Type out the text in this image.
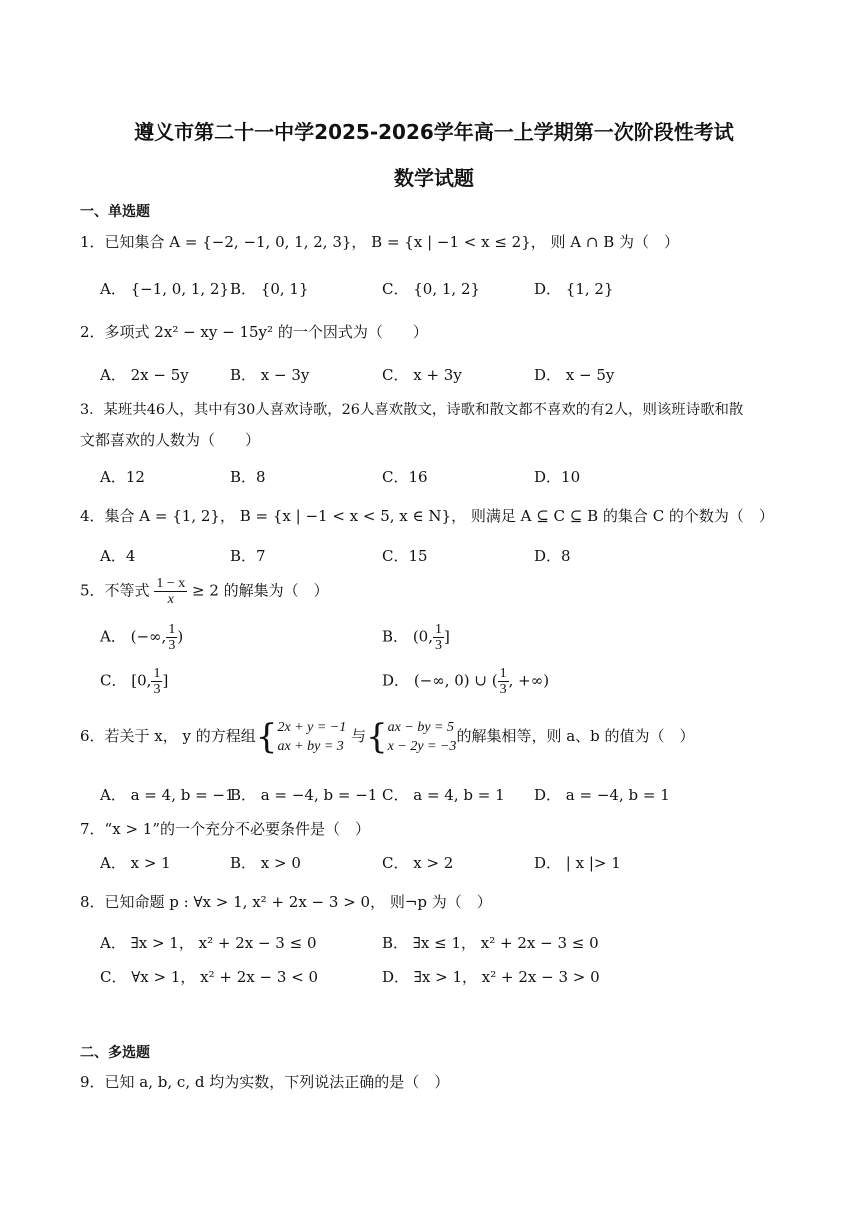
遵义市第二十一中学2025-2026学年高一上学期第一次阶段性考试
数学试题
一、单选题
1．已知集合 A = {−2, −1, 0, 1, 2, 3}， B = {x | −1 < x ≤ 2}， 则 A ∩ B 为（　）
A． {−1, 0, 1, 2} B． {0, 1}	C． {0, 1, 2}	D． {1, 2}
2．多项式 2x² − xy − 15y² 的一个因式为（　　）
A． 2x − 5y	B． x − 3y	C． x + 3y	D． x − 5y
3．某班共46人，其中有30人喜欢诗歌，26人喜欢散文，诗歌和散文都不喜欢的有2人，则该班诗歌和散
文都喜欢的人数为（　　）
A．12	B．8	C．16	D．10
4．集合 A = {1, 2}， B = {x | −1 < x < 5, x ∈ N}， 则满足 A ⊆ C ⊆ B 的集合 C 的个数为（　）
A．4	B．7	C．15	D．8
5．不等式 $\frac{1 - x}{x} \ge 2$ 的解集为（　）
A． (−∞, $\frac{1}{3}$ )	B． (0, $\frac{1}{3}$ ]
C． [0, $\frac{1}{3}$ ]	D． (−∞, 0) ∪ ( $\frac{1}{3}$ , +∞)
6．若关于 x， y 的方程组{ 2x + y = −1
ax + by = 3
与{ ax − by = 5
x − 2y = −3
的解集相等，则 a、b 的值为（　）
A． a = 4, b = −1
B． a = −4, b = −1 C． a = 4, b = 1 D． a = −4, b = 1
7．“x > 1”的一个充分不必要条件是（　）
A． x > 1	B． x > 0	C． x > 2	D． | x |> 1
8．已知命题 p : ∀x > 1, x² + 2x − 3 > 0， 则¬p 为（　）
A． ∃x > 1， x² + 2x − 3 ≤ 0	B． ∃x ≤ 1， x² + 2x − 3 ≤ 0
C． ∀x > 1， x² + 2x − 3 < 0	D． ∃x > 1， x² + 2x − 3 > 0
二、多选题
9．已知 a, b, c, d 均为实数，下列说法正确的是（　）
